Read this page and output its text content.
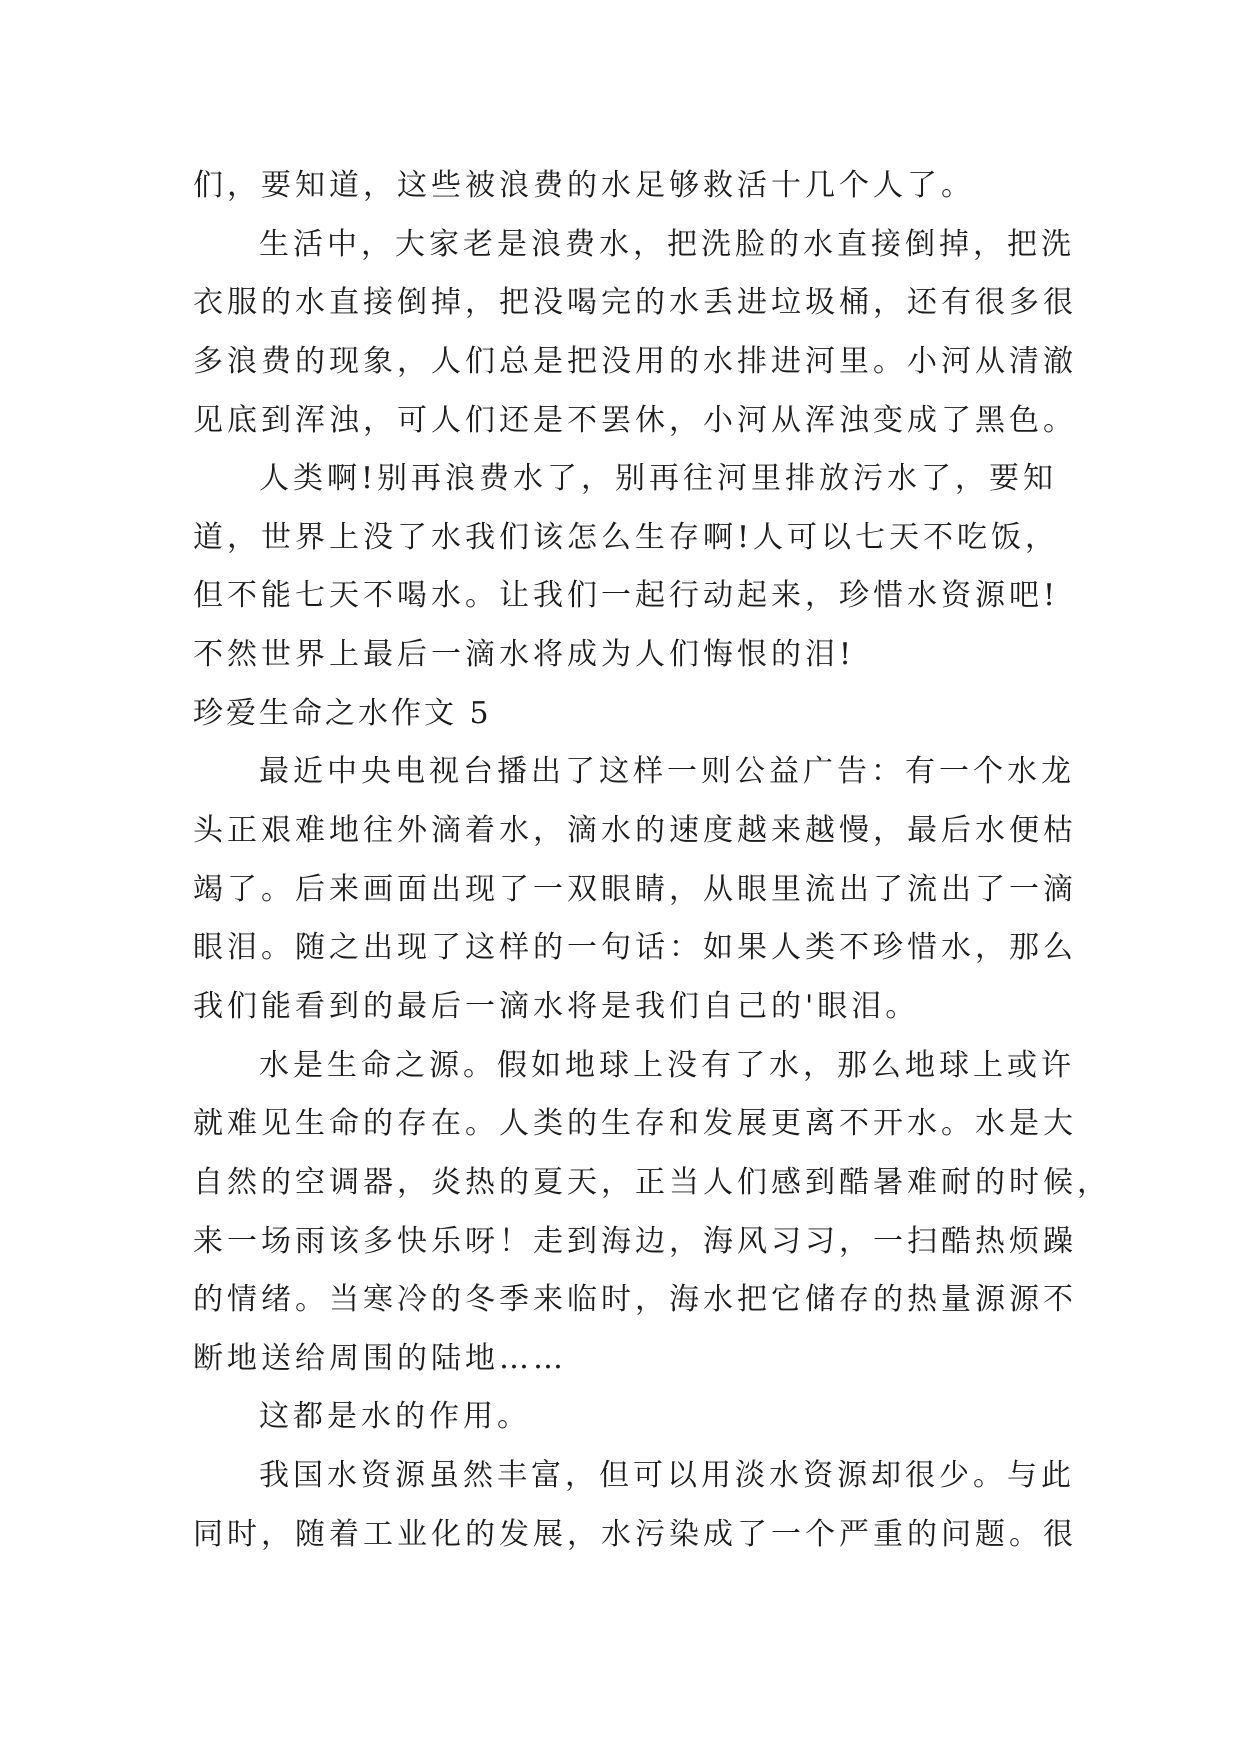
们，要知道，这些被浪费的水足够救活十几个人了。
生活中，大家老是浪费水，把洗脸的水直接倒掉，把洗
衣服的水直接倒掉，把没喝完的水丢进垃圾桶，还有很多很
多浪费的现象，人们总是把没用的水排进河里。小河从清澈
见底到浑浊，可人们还是不罢休，小河从浑浊变成了黑色。
人类啊!别再浪费水了，别再往河里排放污水了，要知
道，世界上没了水我们该怎么生存啊!人可以七天不吃饭，
但不能七天不喝水。让我们一起行动起来，珍惜水资源吧!
不然世界上最后一滴水将成为人们悔恨的泪!
珍爱生命之水作文 5
最近中央电视台播出了这样一则公益广告：有一个水龙
头正艰难地往外滴着水，滴水的速度越来越慢，最后水便枯
竭了。后来画面出现了一双眼睛，从眼里流出了流出了一滴
眼泪。随之出现了这样的一句话：如果人类不珍惜水，那么
我们能看到的最后一滴水将是我们自己的'眼泪。
水是生命之源。假如地球上没有了水，那么地球上或许
就难见生命的存在。人类的生存和发展更离不开水。水是大
自然的空调器，炎热的夏天，正当人们感到酷暑难耐的时候，
来一场雨该多快乐呀！走到海边，海风习习，一扫酷热烦躁
的情绪。当寒冷的冬季来临时，海水把它储存的热量源源不
断地送给周围的陆地……
这都是水的作用。
我国水资源虽然丰富，但可以用淡水资源却很少。与此
同时，随着工业化的发展，水污染成了一个严重的问题。很
